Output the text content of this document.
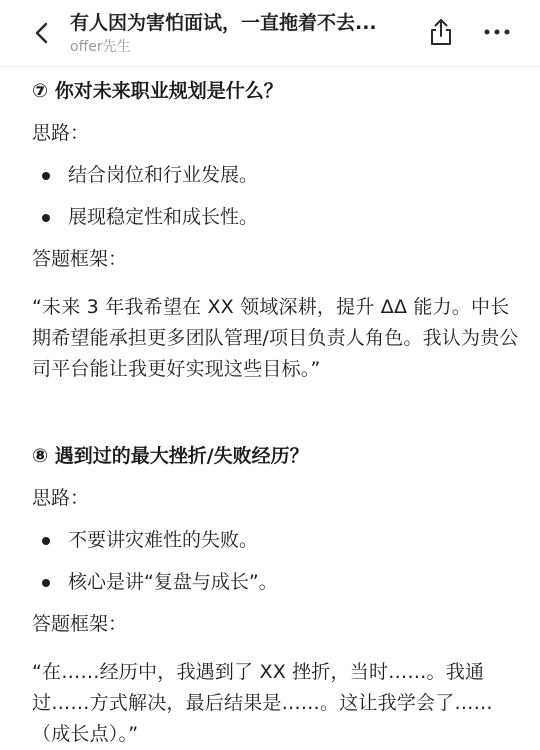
有人因为害怕面试，一直拖着不去...
offer先生
⑦ 你对未来职业规划是什么？
思路：
结合岗位和行业发展。
展现稳定性和成长性。
答题框架：
“未来 3 年我希望在 XX 领域深耕，提升 ΔΔ 能力。中长期希望能承担更多团队管理/项目负责人角色。我认为贵公司平台能让我更好实现这些目标。”
⑧ 遇到过的最大挫折/失败经历？
思路：
不要讲灾难性的失败。
核心是讲“复盘与成长”。
答题框架：
“在……经历中，我遇到了 XX 挫折，当时……。我通过……方式解决，最后结果是……。这让我学会了……（成长点）。”
